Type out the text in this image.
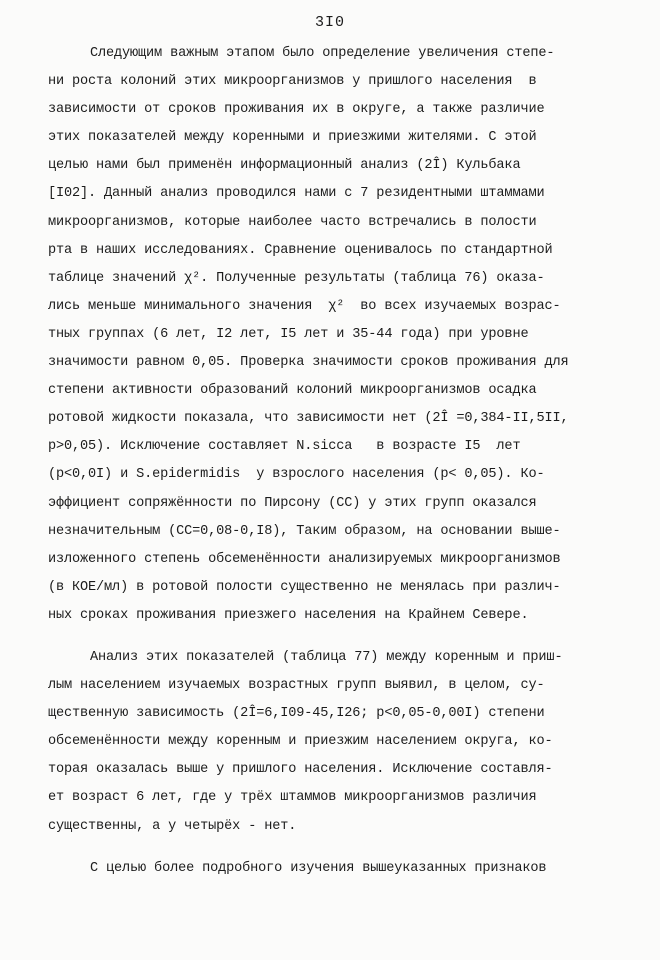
3I0
Следующим важным этапом было определение увеличения степе-
ни роста колоний этих микроорганизмов у пришлого населения  в
зависимости от сроков проживания их в округе, а также различие
этих показателей между коренными и приезжими жителями. С этой
целью нами был применён информационный анализ (2Î) Кульбака
[I02]. Данный анализ проводился нами с 7 резидентными штаммами
микроорганизмов, которые наиболее часто встречались в полости
рта в наших исследованиях. Сравнение оценивалось по стандартной
таблице значений χ². Полученные результаты (таблица 76) оказа-
лись меньше минимального значения  χ²  во всех изучаемых возрас-
тных группах (6 лет, I2 лет, I5 лет и 35-44 года) при уровне
значимости равном 0,05. Проверка значимости сроков проживания для
степени активности образований колоний микроорганизмов осадка
ротовой жидкости показала, что зависимости нет (2Î =0,384-II,5II,
p>0,05). Исключение составляет N.sicca   в возрасте I5  лет
(p<0,0I) и S.epidermidis  у взрослого населения (p< 0,05). Ко-
эффициент сопряжённости по Пирсону (CC) у этих групп оказался
незначительным (CC=0,08-0,I8), Таким образом, на основании выше-
изложенного степень обсеменённости анализируемых микроорганизмов
(в КОЕ/мл) в ротовой полости существенно не менялась при различ-
ных сроках проживания приезжего населения на Крайнем Севере.
Анализ этих показателей (таблица 77) между коренным и приш-
лым населением изучаемых возрастных групп выявил, в целом, су-
щественную зависимость (2Î=6,I09-45,I26; p<0,05-0,00I) степени
обсеменённости между коренным и приезжим населением округа, ко-
торая оказалась выше у пришлого населения. Исключение составля-
ет возраст 6 лет, где у трёх штаммов микроорганизмов различия
существенны, а у четырёх - нет.
С целью более подробного изучения вышеуказанных признаков
